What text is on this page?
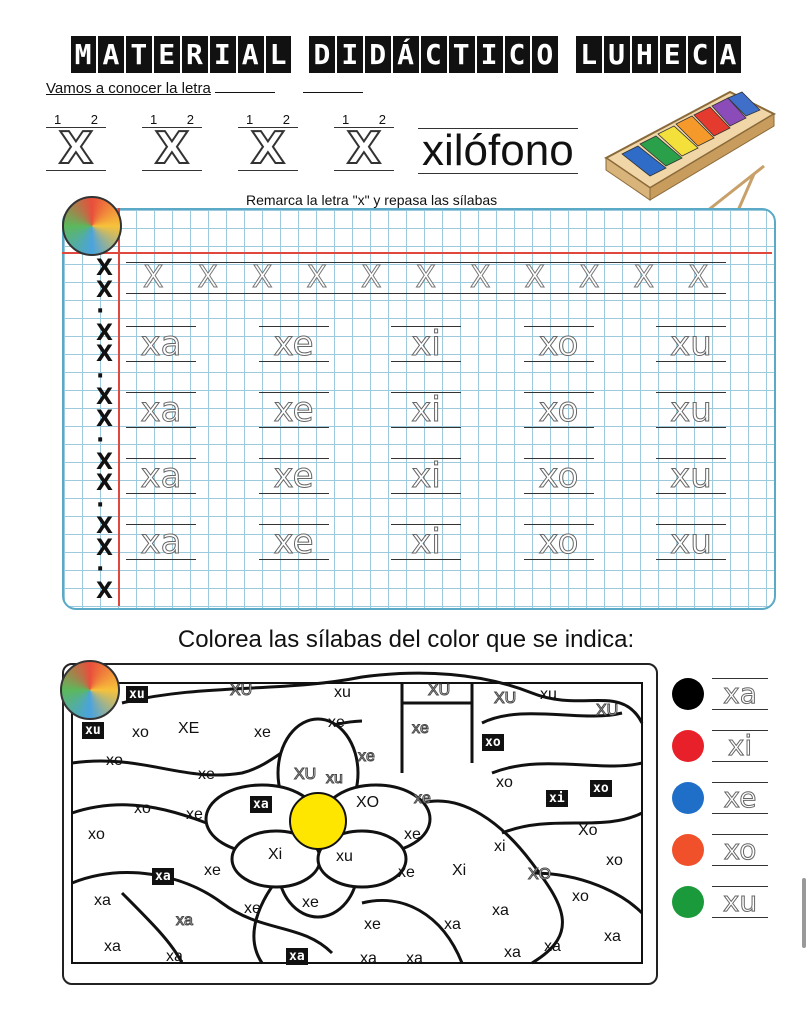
M A T E R I A L D I D Á C T I C O L U H E C A
Vamos a conocer la letra
1 2
X
1 2
X
1 2
X
1 2
X xilófono
Remarca la letra "x" y repasa las sílabas
X
X
·
X
X
·
X
X
·
X
X
·
X
X
·
X
X	X	X	X	X	X	X	X	X	X	X
xa	xe	xi	xo	xu
xa	xe	xi	xo	xu
xa	xe	xi	xo	xu
xa	xe	xi	xo	xu
Colorea las sílabas del color que se indica:
xu	XU	xu	XU	XU xu
XU
xu xo XE	xe
xe	xe
xo
xo
xe	XU xu
xe
xo
xi
xo
xo xe
xa	XO xe
xo	xe	Xo
Xi	xu
xi
xo
xa xe	xe Xi	XO
xa	xe	xe	xo
xa	xe	xa
xa
xa
xa
xa	xa	xa xa	xa xa
xa
xi
xe
xo
xu
